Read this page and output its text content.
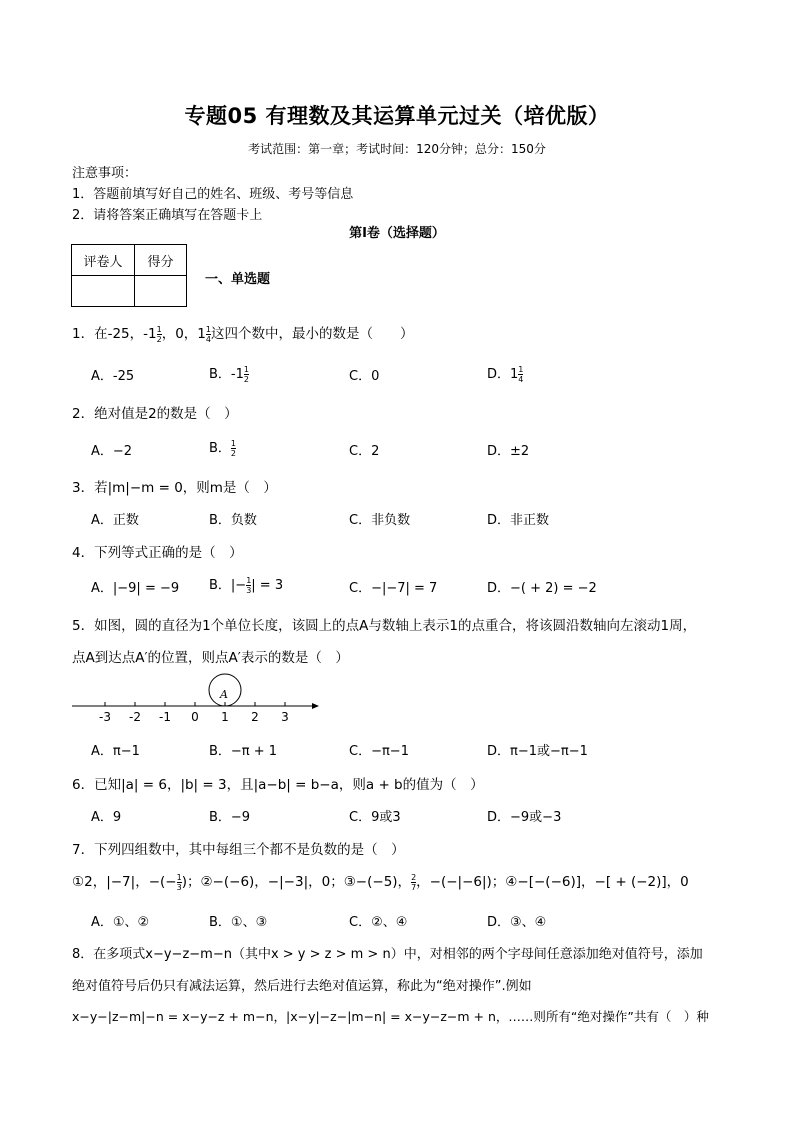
专题05 有理数及其运算单元过关（培优版）
考试范围：第一章；考试时间：120分钟；总分：150分
注意事项：
1．答题前填写好自己的姓名、班级、考号等信息
2．请将答案正确填写在答题卡上
第I卷（选择题）
评卷人	得分

一、单选题
1．在-25，$-1 \frac{1}{2}$ ，0，$1 \frac{1}{4}$ 这四个数中，最小的数是（　　）
A．-25	B．$-1 \frac{1}{2}$	C．0	D．$1 \frac{1}{4}$
2．绝对值是2的数是（　）
A．−2	B． $\frac{1}{2}$	C．2	D．±2
3．若|m|−m = 0，则m是（　）
A．正数	B．负数	C．非负数	D．非正数
4．下列等式正确的是（　）
A．|−9| = −9 B．|− $\frac{1}{3}$ | = 3	C．−|−7| = 7	D．−( + 2) = −2
5．如图，圆的直径为1个单位长度，该圆上的点A与数轴上表示1的点重合，将该圆沿数轴向左滚动1周，
点A到达点A′的位置，则点A′表示的数是（　）
A
-3 -2 -1 0 1 2 3
A．π−1	B．−π + 1	C．−π−1	D．π−1或−π−1
6．已知|a| = 6，|b| = 3，且|a−b| = b−a，则a + b的值为（　）
A．9	B．−9	C．9或3	D．−9或−3
7．下列四组数中，其中每组三个都不是负数的是（　）
①2，|−7|，−(− $\frac{1}{3}$ )；②−(−6)，−|−3|，0；③−(−5)， $\frac{2}{7}$ ，−(−|−6|)；④−[−(−6)]，−[ + (−2)]，0
A．①、②	B．①、③	C．②、④	D．③、④
8．在多项式x−y−z−m−n（其中x > y > z > m > n）中，对相邻的两个字母间任意添加绝对值符号，添加
绝对值符号后仍只有减法运算，然后进行去绝对值运算，称此为“绝对操作”.例如
x−y−|z−m|−n = x−y−z + m−n，|x−y|−z−|m−n| = x−y−z−m + n，……则所有“绝对操作”共有（　）种
